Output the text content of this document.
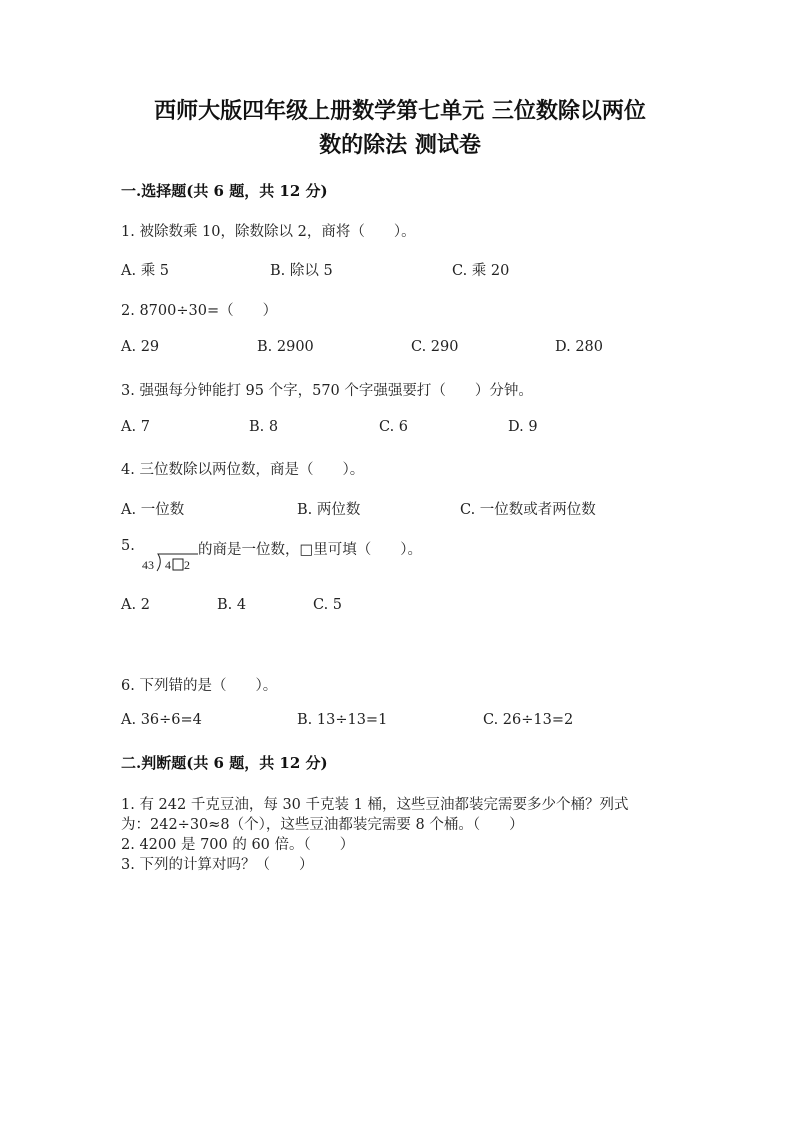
西师大版四年级上册数学第七单元 三位数除以两位
数的除法 测试卷
一.选择题(共 6 题，共 12 分)
1. 被除数乘 10，除数除以 2，商将（　　）。
A. 乘 5	B. 除以 5	C. 乘 20
2. 8700÷30=（　　）
A. 29	B. 2900	C. 290	D. 280
3. 强强每分钟能打 95 个字，570 个字强强要打（　　）分钟。
A. 7	B. 8	C. 6	D. 9
4. 三位数除以两位数，商是（　　）。
A. 一位数	B. 两位数	C. 一位数或者两位数
5.
43 4 2
的商是一位数，□里可填（　　）。
A. 2	B. 4	C. 5
6. 下列错的是（　　）。
A. 36÷6=4	B. 13÷13=1	C. 26÷13=2
二.判断题(共 6 题，共 12 分)
1. 有 242 千克豆油，每 30 千克装 1 桶，这些豆油都装完需要多少个桶？列式
为：242÷30≈8（个），这些豆油都装完需要 8 个桶。（　　）
2. 4200 是 700 的 60 倍。（　　）
3. 下列的计算对吗？（　　）
